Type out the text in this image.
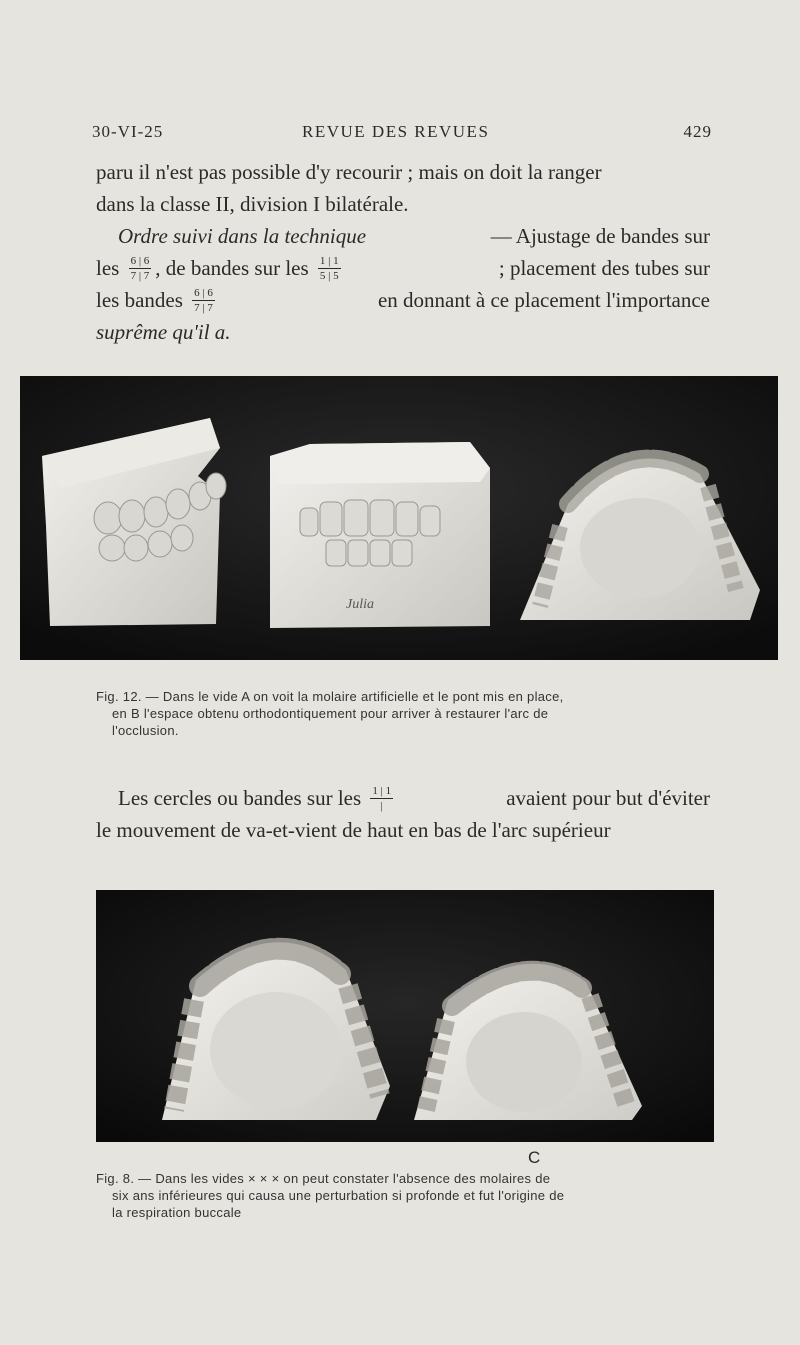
30-VI-25	REVUE DES REVUES	429
paru il n'est pas possible d'y recourir ; mais on doit la ranger
dans la classe II, division I bilatérale.
Ordre suivi dans la technique	— Ajustage de bandes sur
les $\frac{6 | 6}{7 | 7}$ , de bandes sur les $\frac{1 | 1}{5 | 5}$	; placement des tubes sur
les bandes $\frac{6 | 6}{7 | 7}$	en donnant à ce placement l'importance
suprême qu'il a.
Julia
Fig. 12. — Dans le vide A on voit la molaire artificielle et le pont mis en place,
en B l'espace obtenu orthodontiquement pour arriver à restaurer l'arc de
l'occlusion.
Les cercles ou bandes sur les $\frac{1 | 1}{|}$	avaient pour but d'éviter
le mouvement de va-et-vient de haut en bas de l'arc supérieur
C
Fig. 8. — Dans les vides × × × on peut constater l'absence des molaires de
six ans inférieures qui causa une perturbation si profonde et fut l'origine de
la respiration buccale
